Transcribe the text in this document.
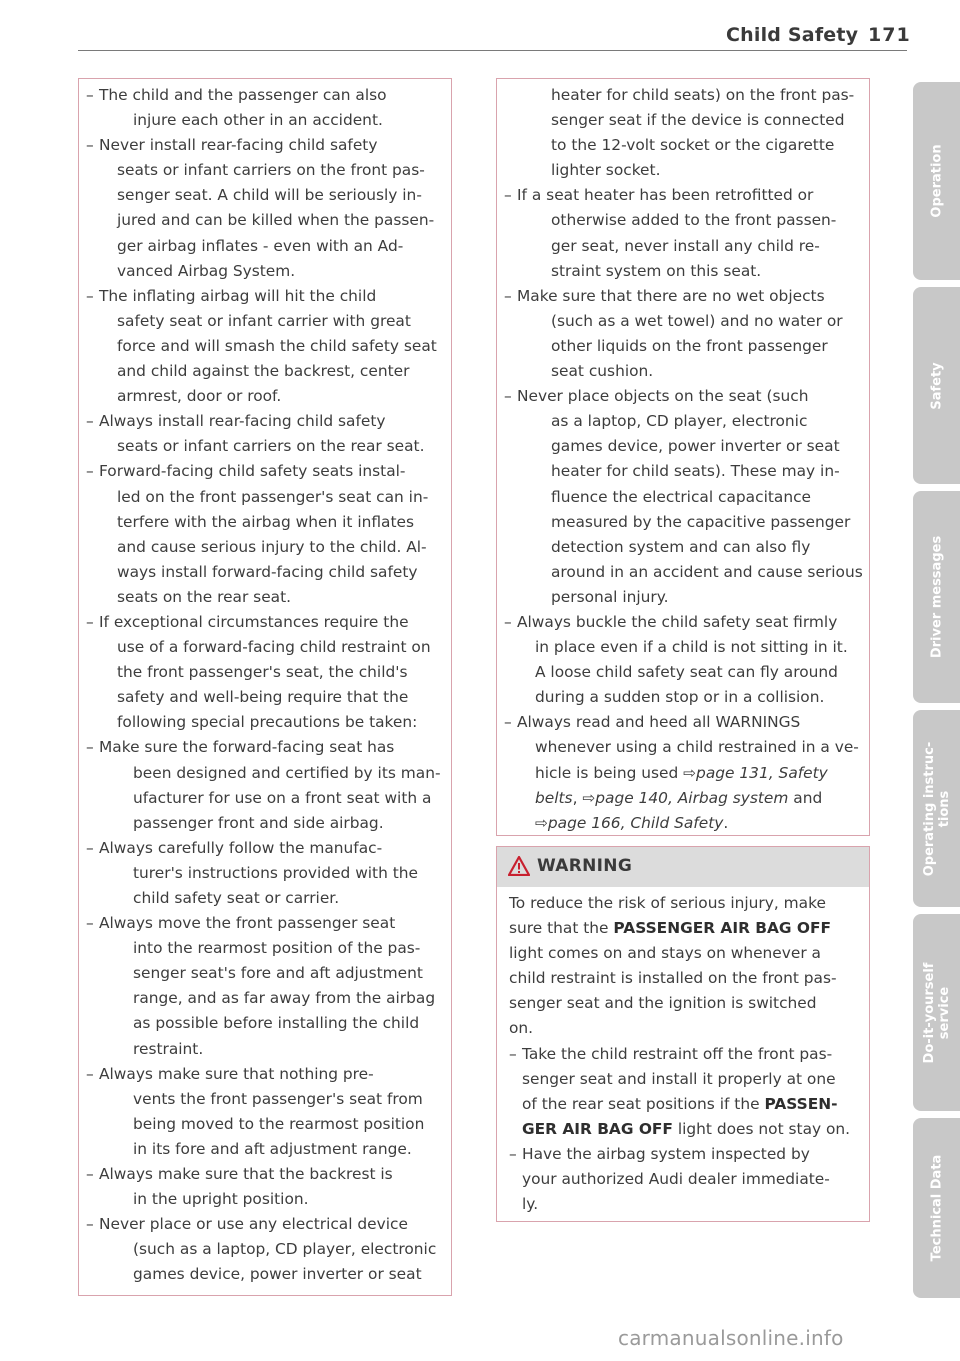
Child Safety 171
– The child and the passenger can also
injure each other in an accident.
– Never install rear-facing child safety
seats or infant carriers on the front pas-
senger seat. A child will be seriously in-
jured and can be killed when the passen-
ger airbag inflates - even with an Ad-
vanced Airbag System.
– The inflating airbag will hit the child
safety seat or infant carrier with great
force and will smash the child safety seat
and child against the backrest, center
armrest, door or roof.
– Always install rear-facing child safety
seats or infant carriers on the rear seat.
– Forward-facing child safety seats instal-
led on the front passenger's seat can in-
terfere with the airbag when it inflates
and cause serious injury to the child. Al-
ways install forward-facing child safety
seats on the rear seat.
– If exceptional circumstances require the
use of a forward-facing child restraint on
the front passenger's seat, the child's
safety and well-being require that the
following special precautions be taken:
– Make sure the forward-facing seat has
been designed and certified by its man-
ufacturer for use on a front seat with a
passenger front and side airbag.
– Always carefully follow the manufac-
turer's instructions provided with the
child safety seat or carrier.
– Always move the front passenger seat
into the rearmost position of the pas-
senger seat's fore and aft adjustment
range, and as far away from the airbag
as possible before installing the child
restraint.
– Always make sure that nothing pre-
vents the front passenger's seat from
being moved to the rearmost position
in its fore and aft adjustment range.
– Always make sure that the backrest is
in the upright position.
– Never place or use any electrical device
(such as a laptop, CD player, electronic
games device, power inverter or seat
heater for child seats) on the front pas-
senger seat if the device is connected
to the 12-volt socket or the cigarette
lighter socket.
– If a seat heater has been retrofitted or
otherwise added to the front passen-
ger seat, never install any child re-
straint system on this seat.
– Make sure that there are no wet objects
(such as a wet towel) and no water or
other liquids on the front passenger
seat cushion.
– Never place objects on the seat (such
as a laptop, CD player, electronic
games device, power inverter or seat
heater for child seats). These may in-
fluence the electrical capacitance
measured by the capacitive passenger
detection system and can also fly
around in an accident and cause serious
personal injury.
– Always buckle the child safety seat firmly
in place even if a child is not sitting in it.
A loose child safety seat can fly around
during a sudden stop or in a collision.
– Always read and heed all WARNINGS
whenever using a child restrained in a ve-
hicle is being used ⇨page 131, Safety
belts, ⇨page 140, Airbag system and
⇨page 166, Child Safety.
WARNING
To reduce the risk of serious injury, make
sure that the PASSENGER AIR BAG OFF
light comes on and stays on whenever a
child restraint is installed on the front pas-
senger seat and the ignition is switched
on.
– Take the child restraint off the front pas-
senger seat and install it properly at one
of the rear seat positions if the PASSEN-
GER AIR BAG OFF light does not stay on.
– Have the airbag system inspected by
your authorized Audi dealer immediate-
ly.
Operation
Safety
Driver messages
Operating instruc-
tions
Do-it-yourself
service
Technical Data
carmanualsonline.info
